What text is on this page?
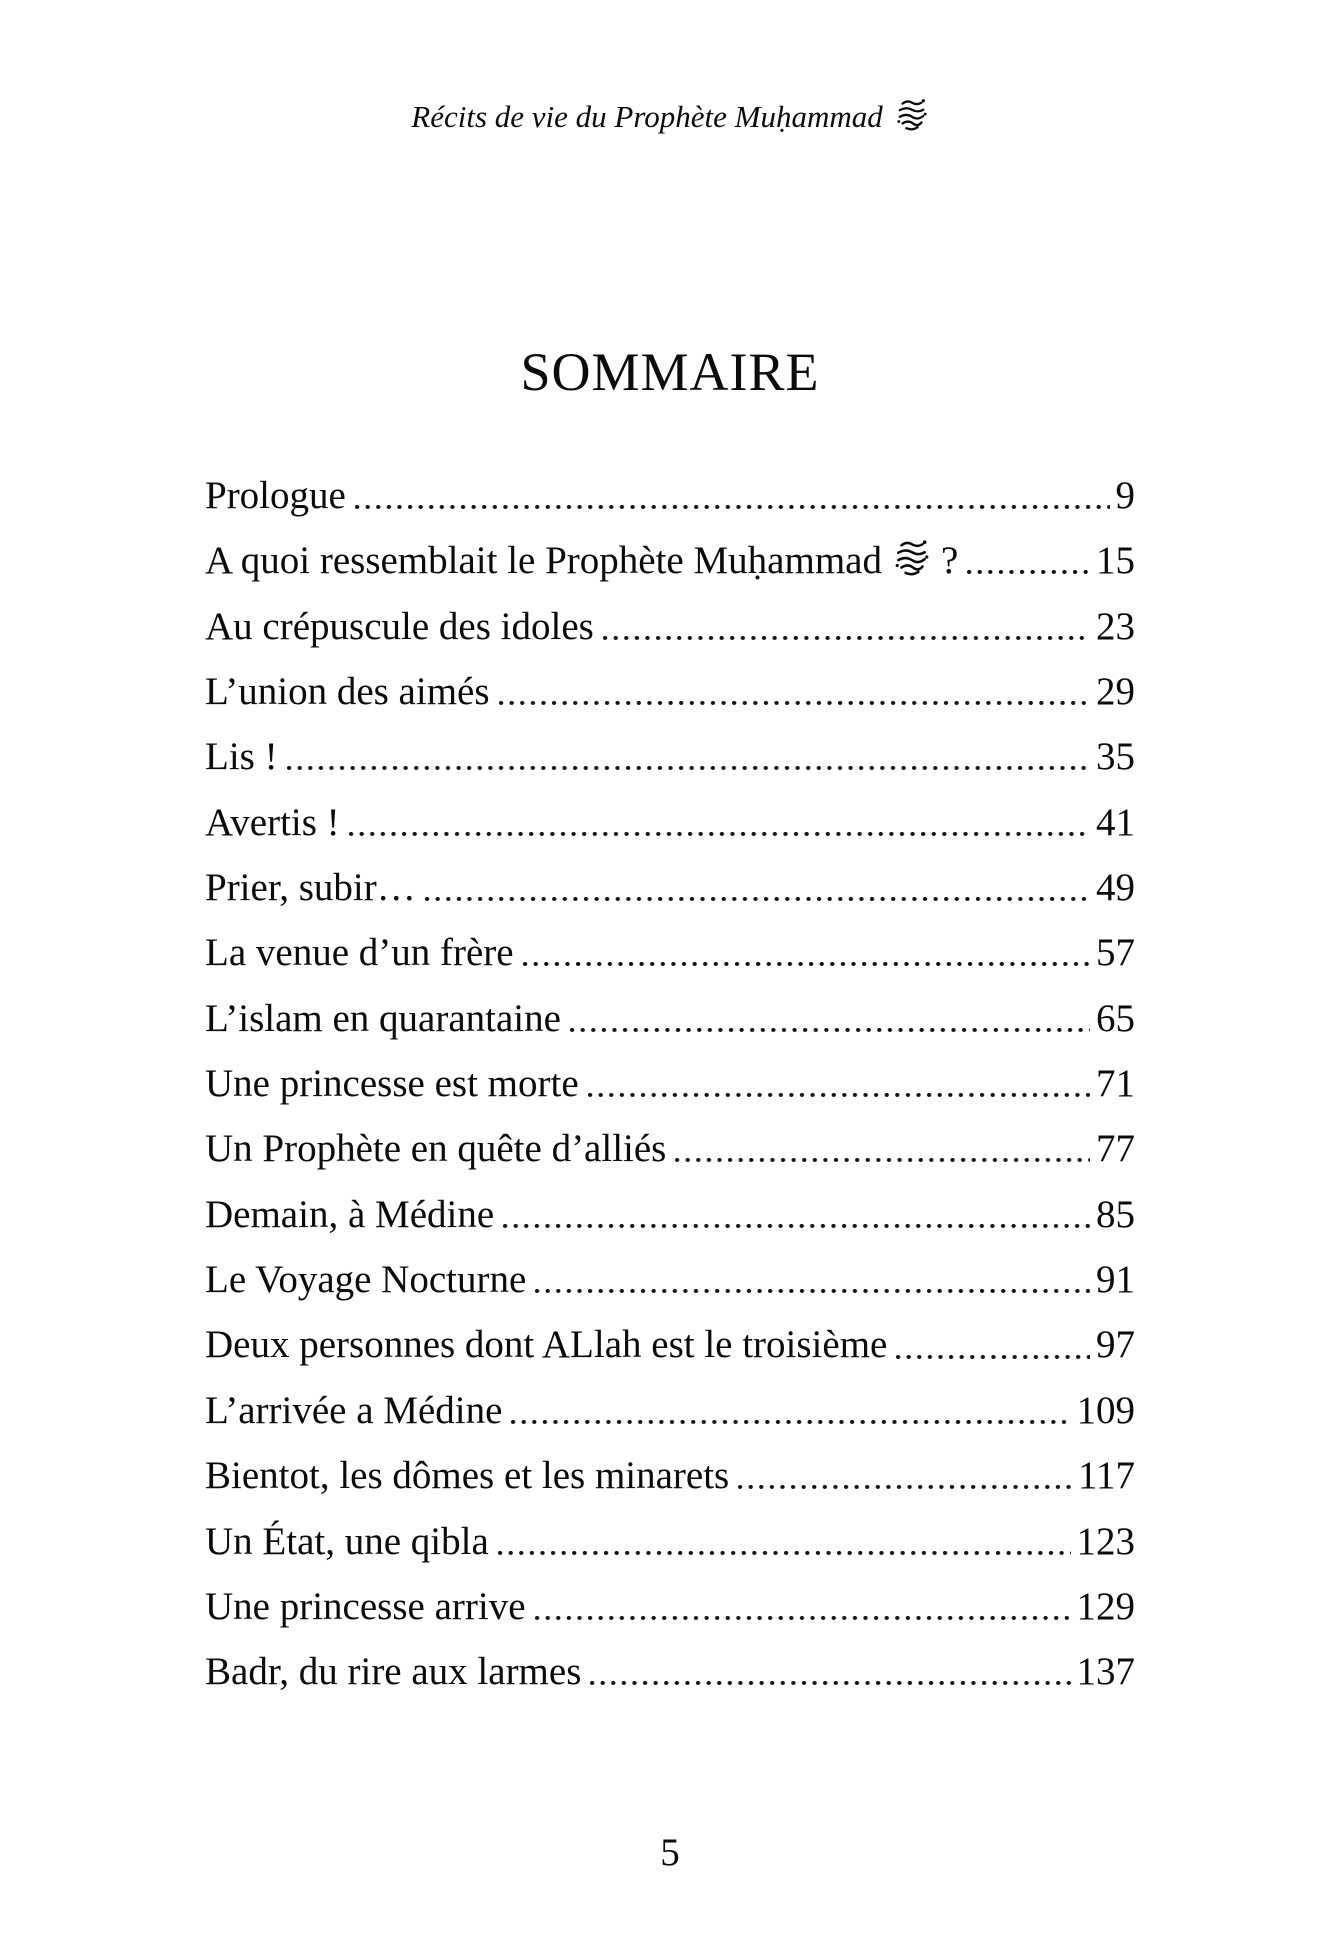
Récits de vie du Prophète Muḥammad
SOMMAIRE
Prologue	9
A quoi ressemblait le Prophète Muḥammad ?	15
Au crépuscule des idoles	23
L’union des aimés	29
Lis !	35
Avertis !	41
Prier, subir…	49
La venue d’un frère	57
L’islam en quarantaine	65
Une princesse est morte	71
Un Prophète en quête d’alliés	77
Demain, à Médine	85
Le Voyage Nocturne	91
Deux personnes dont ALlah est le troisième	97
L’arrivée a Médine	109
Bientot, les dômes et les minarets	117
Un État, une qibla	123
Une princesse arrive	129
Badr, du rire aux larmes	137
5
